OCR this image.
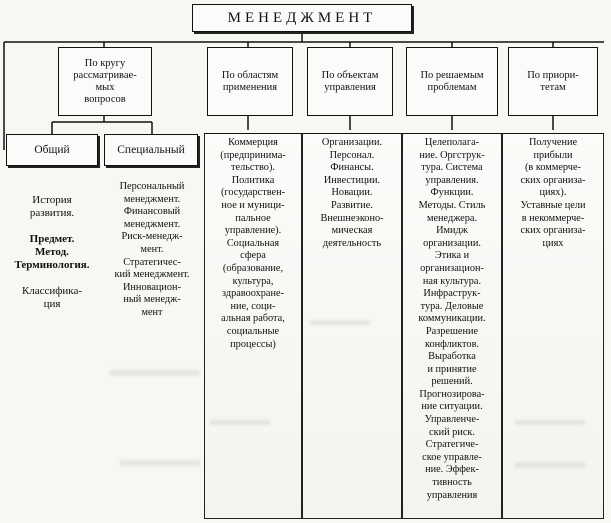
МЕНЕДЖМЕНТ
По кругу
рассматривае-
мых
вопросов
По областям
применения
По объектам
управления
По решаемым
проблемам
По приори-
тетам
Общий	Специальный

История
развития.

Предмет.
Метод.
Терминология.

Классифика-
ция

Персональный
менеджмент.
Финансовый
менеджмент.
Риск-менедж-
мент.
Стратегичес-
кий менеджмент.
Инновацион-
ный менедж-
мент
Коммерция
(предпринима-
тельство).
Политика
(государствен-
ное и муници-
пальное
управление).
Социальная
сфера
(образование,
культура,
здравоохране-
ние, соци-
альная работа,
социальные
процессы)
Организации.
Персонал.
Финансы.
Инвестиции.
Новации.
Развитие.
Внешнеэконо-
мическая
деятельность
Целеполага-
ние. Оргструк-
тура. Система
управления.
Функции.
Методы. Стиль
менеджера.
Имидж
организации.
Этика и
организацион-
ная культура.
Инфраструк-
тура. Деловые
коммуникации.
Разрешение
конфликтов.
Выработка
и принятие
решений.
Прогнозирова-
ние ситуации.
Управленче-
ский риск.
Стратегиче-
ское управле-
ние. Эффек-
тивность
управления
Получение
прибыли
(в коммерче-
ских организа-
циях).
Уставные цели
в некоммерче-
ских организа-
циях
